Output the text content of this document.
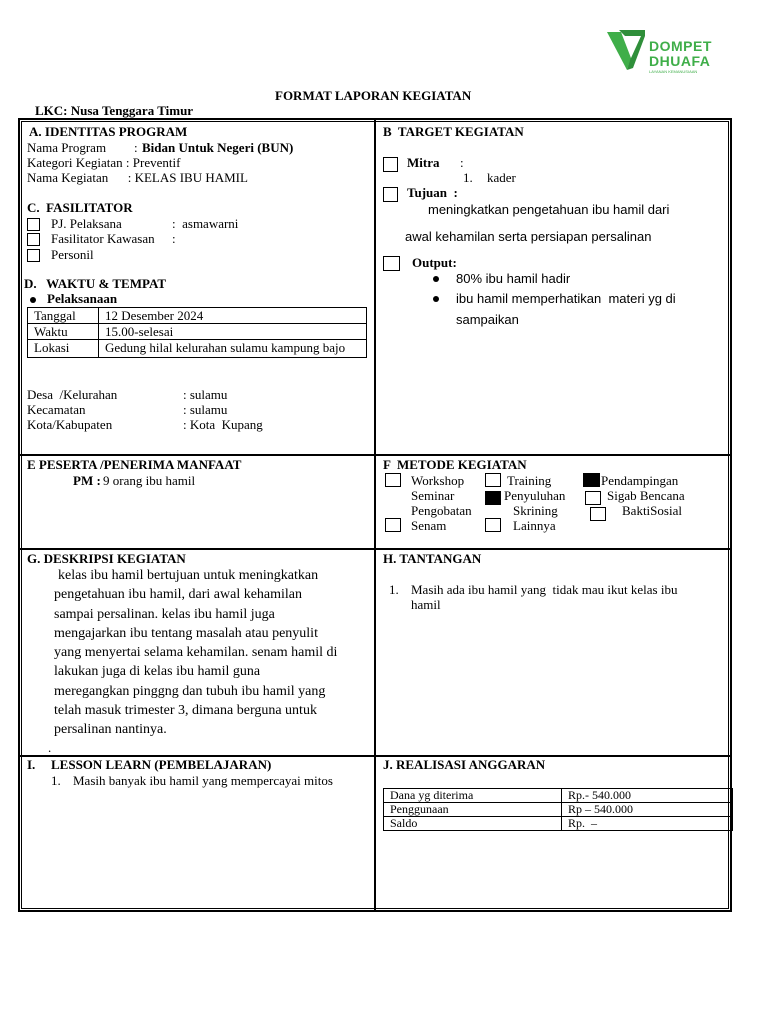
DOMPET
DHUAFA
LAYANAN KEMANUSIAAN
FORMAT LAPORAN KEGIATAN
LKC: Nusa Tenggara Timur
A. IDENTITAS PROGRAM
Nama Program : Bidan Untuk Negeri (BUN)
Kategori Kegiatan : Preventif
Nama Kegiatan      : KELAS IBU HAMIL
C.  FASILITATOR
PJ. Pelaksana	:  asmawarni
Fasilitator Kawasan :
Personil
D.   WAKTU & TEMPAT
Pelaksanaan
Tanggal	12 Desember 2024
Waktu	15.00-selesai
Lokasi	Gedung hilal kelurahan sulamu kampung bajo
Desa  /Kelurahan	: sulamu
Kecamatan	: sulamu
Kota/Kabupaten	: Kota  Kupang
B  TARGET KEGIATAN
Mitra :
1. kader
Tujuan  :
meningkatkan pengetahuan ibu hamil dari
awal kehamilan serta persiapan persalinan
Output:
80% ibu hamil hadir
ibu hamil memperhatikan  materi yg di
sampaikan
E PESERTA /PENERIMA MANFAAT
PM : 9 orang ibu hamil
F  METODE KEGIATAN
Workshop	Training	Pendampingan
Seminar	Penyuluhan	Sigab Bencana
Pengobatan	Skrining	BaktiSosial
Senam	Lainnya
G. DESKRIPSI KEGIATAN
kelas ibu hamil bertujuan untuk meningkatkan
pengetahuan ibu hamil, dari awal kehamilan
sampai persalinan. kelas ibu hamil juga
mengajarkan ibu tentang masalah atau penyulit
yang menyertai selama kehamilan. senam hamil di
lakukan juga di kelas ibu hamil guna
meregangkan pinggng dan tubuh ibu hamil yang
telah masuk trimester 3, dimana berguna untuk
persalinan nantinya.
.
H. TANTANGAN
1. Masih ada ibu hamil yang  tidak mau ikut kelas ibu
hamil
I. LESSON LEARN (PEMBELAJARAN)
1. Masih banyak ibu hamil yang mempercayai mitos
J. REALISASI ANGGARAN
Dana yg diterima	Rp.- 540.000
Penggunaan	Rp – 540.000
Saldo	Rp.  –
